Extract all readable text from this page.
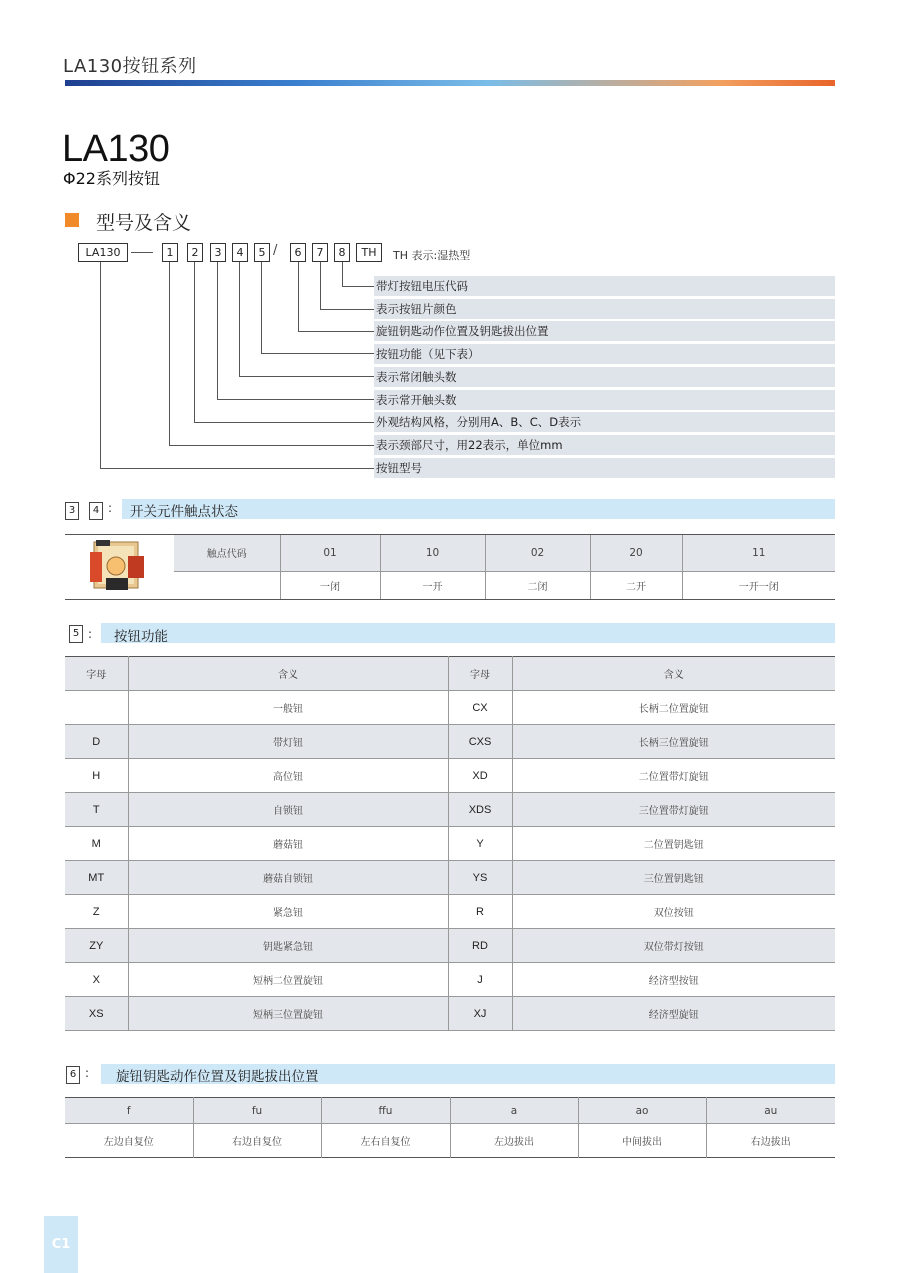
LA130按钮系列
LA130
Φ22系列按钮
型号及含义
LA130	1	2	3	4	5 /	6	7	8	TH	TH 表示:湿热型
带灯按钮电压代码
表示按钮片颜色
旋钮钥匙动作位置及钥匙拔出位置
按钮功能（见下表）
表示常闭触头数
表示常开触头数
外观结构风格，分别用A、B、C、D表示
表示颈部尺寸，用22表示，单位mm
按钮型号
3	4 : 开关元件触点状态
触点代码	01	10	02	20	11
	一闭	一开	二闭	二开	一开一闭
5 : 按钮功能
字母	含义	字母	含义
	一般钮	CX	长柄二位置旋钮
D	带灯钮	CXS	长柄三位置旋钮
H	高位钮	XD	二位置带灯旋钮
T	自锁钮	XDS	三位置带灯旋钮
M	蘑菇钮	Y	二位置钥匙钮
MT	蘑菇自锁钮	YS	三位置钥匙钮
Z	紧急钮	R	双位按钮
ZY	钥匙紧急钮	RD	双位带灯按钮
X	短柄二位置旋钮	J	经济型按钮
XS	短柄三位置旋钮	XJ	经济型旋钮
6 : 旋钮钥匙动作位置及钥匙拔出位置
f	fu	ffu	a	ao	au
左边自复位	右边自复位	左右自复位	左边拔出	中间拔出	右边拔出
C1
